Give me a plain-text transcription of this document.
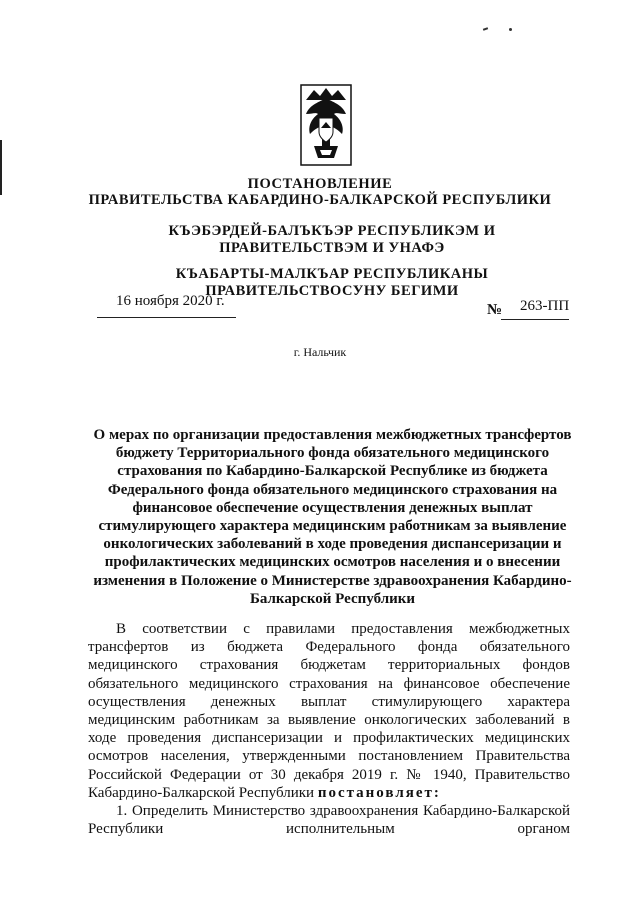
ПОСТАНОВЛЕНИЕ
ПРАВИТЕЛЬСТВА КАБАРДИНО-БАЛКАРСКОЙ РЕСПУБЛИКИ
КЪЭБЭРДЕЙ-БАЛЪКЪЭР РЕСПУБЛИКЭМ И ПРАВИТЕЛЬСТВЭМ И УНАФЭ
КЪАБАРТЫ-МАЛКЪАР РЕСПУБЛИКАНЫ ПРАВИТЕЛЬСТВОСУНУ БЕГИМИ
16 ноября 2020 г.
№ 263-ПП
г. Нальчик
О мерах по организации предоставления межбюджетных трансфертов бюджету Территориального фонда обязательного медицинского страхования по Кабардино-Балкарской Республике из бюджета Федерального фонда обязательного медицинского страхования на финансовое обеспечение осуществления денежных выплат стимулирующего характера медицинским работникам за выявление онкологических заболеваний в ходе проведения диспансеризации и профилактических медицинских осмотров населения и о внесении изменения в Положение о Министерстве здравоохранения Кабардино-Балкарской Республики

В соответствии с правилами предоставления межбюджетных трансфертов из бюджета Федерального фонда обязательного медицинского страхования бюджетам территориальных фондов обязательного медицинского страхования на финансовое обеспечение осуществления денежных выплат стимулирующего характера медицинским работникам за выявление онкологических заболеваний в ходе проведения диспансеризации и профилактических медицинских осмотров населения, утвержденными постановлением Правительства Российской Федерации от 30 декабря 2019 г. № 1940, Правительство Кабардино-Балкарской Республики постановляет:

1. Определить Министерство здравоохранения Кабардино-Балкарской Республики исполнительным органом
